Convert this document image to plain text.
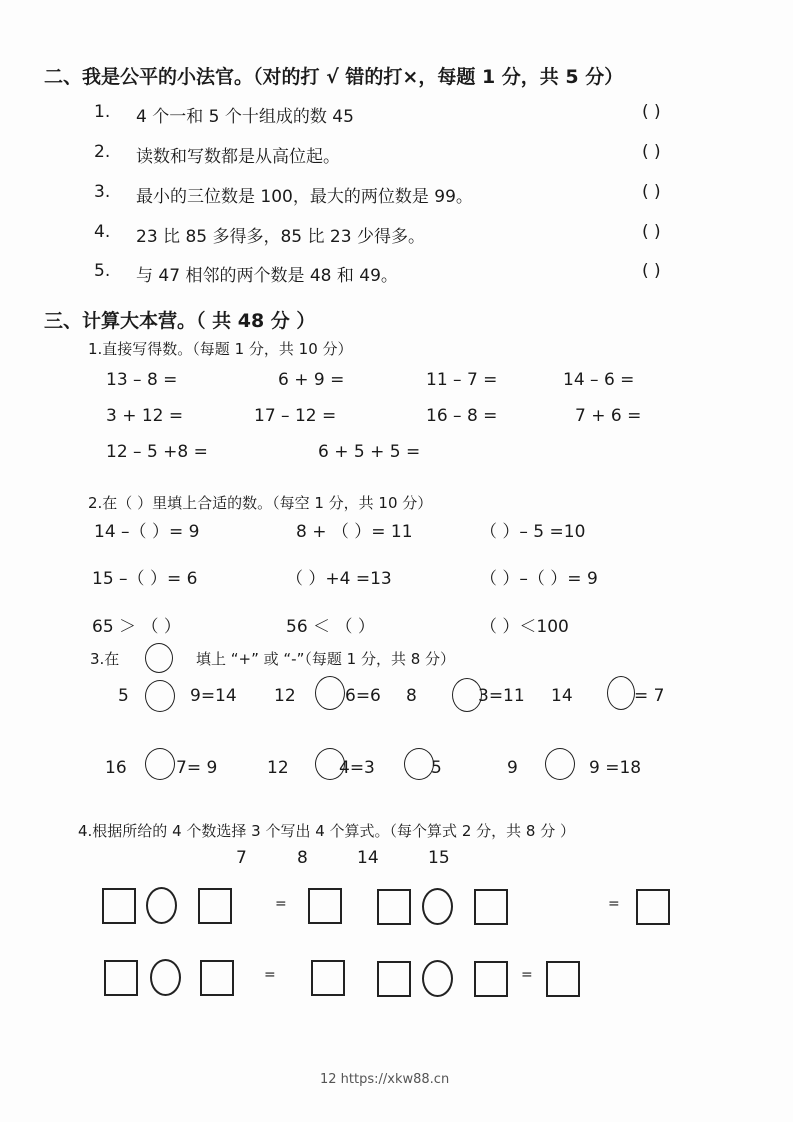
二、我是公平的小法官。（对的打 √ 错的打×，每题 1 分，共 5 分）
1. 4 个一和 5 个十组成的数 45	( )
2. 读数和写数都是从高位起。	( )
3. 最小的三位数是 100，最大的两位数是 99。	( )
4. 23 比 85 多得多，85 比 23 少得多。	( )
5. 与 47 相邻的两个数是 48 和 49。	( )
三、计算大本营。（ 共 48 分 ）
1.直接写得数。（每题 1 分，共 10 分）
13 – 8 =	6 + 9 =	11 – 7 =	14 – 6 =
3 + 12 =	17 – 12 =	16 – 8 =	7 + 6 =
12 – 5 +8 =	6 + 5 + 5 =
2.在（ ）里填上合适的数。（每空 1 分，共 10 分）
14 –（ ）= 9	8 + （ ）= 11	（ ）– 5 =10
15 –（ ）= 6	（ ）+4 =13	（ ）–（ ）= 9
65 ＞ （ ）	56 ＜ （ ）	（ ）＜100
3.在	填上 “+” 或 “-”（每题 1 分，共 8 分）
5	9=14 12	6=6 8	3=11 14	= 7
16	7= 9	12	4=3	5	9	9 =18
4.根据所给的 4 个数选择 3 个写出 4 个算式。（每个算式 2 分，共 8 分 ）
7	8	14	15
=	=
=	=
12 https://xkw88.cn
